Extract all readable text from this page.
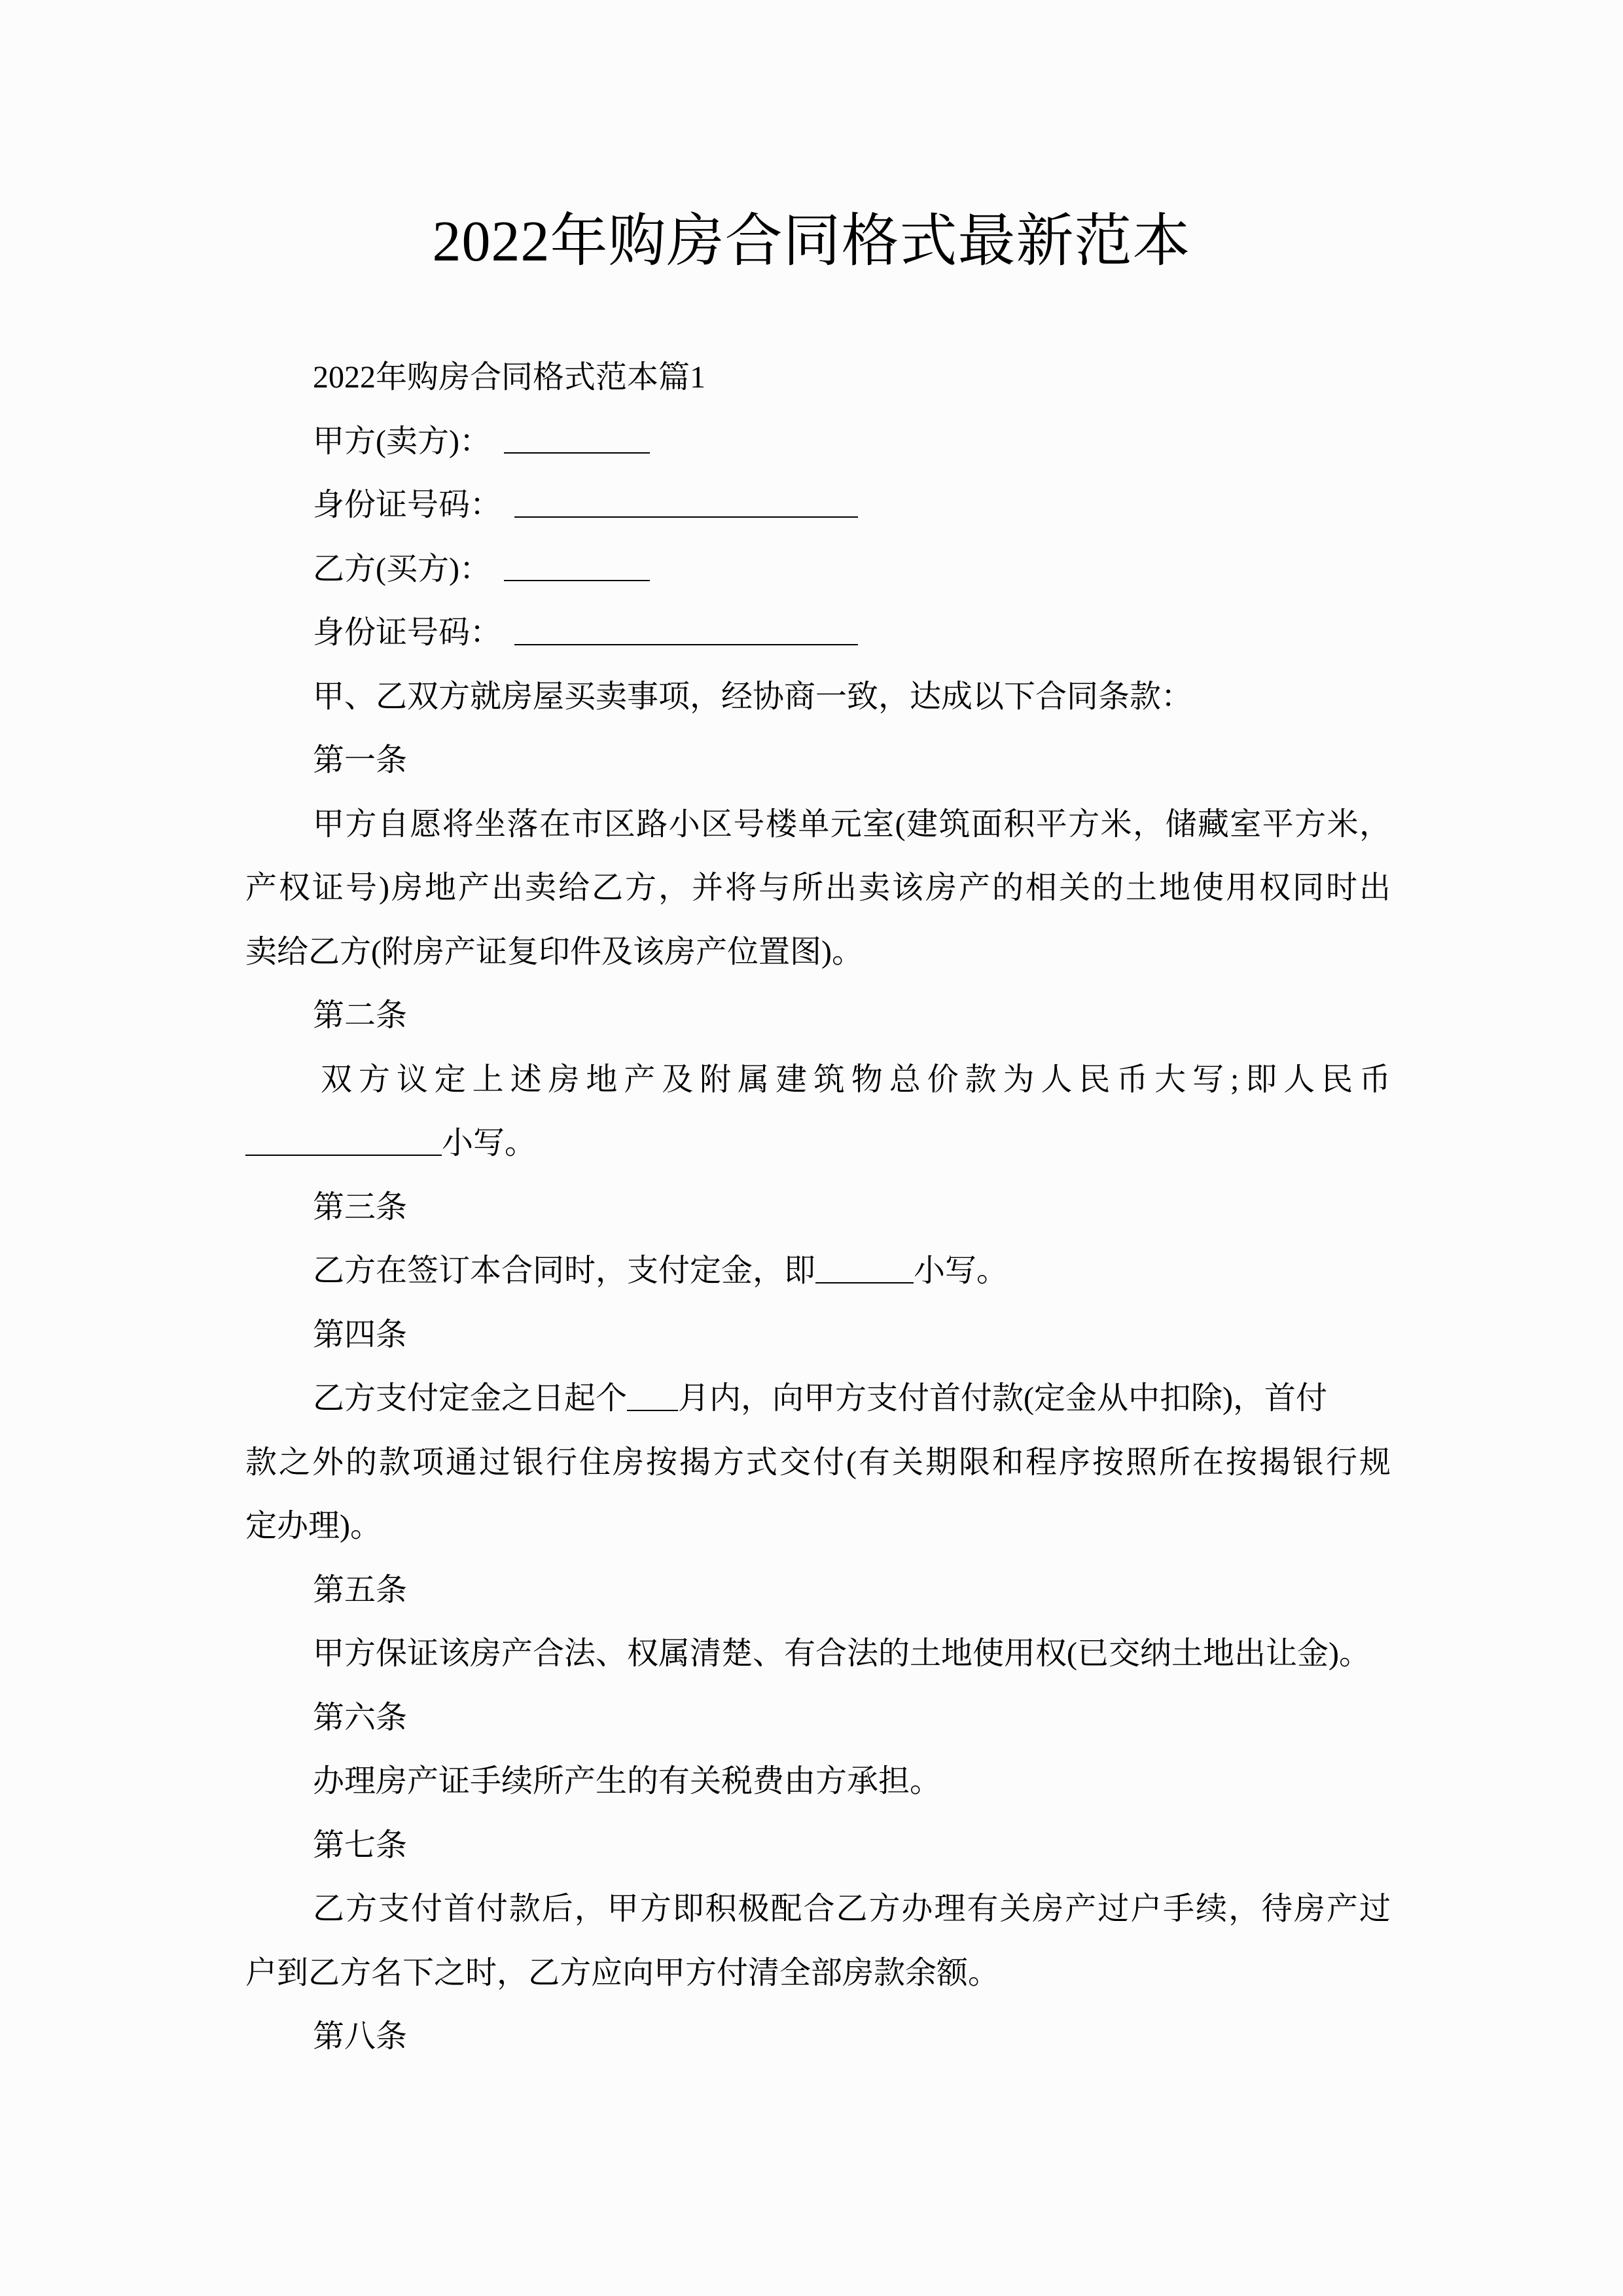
2022年购房合同格式最新范本
2022年购房合同格式范本篇1
甲方(卖方)：
身份证号码：
乙方(买方)：
身份证号码：
甲、乙双方就房屋买卖事项，经协商一致，达成以下合同条款：
第一条
甲方自愿将坐落在市区路小区号楼单元室(建筑面积平方米，储藏室平方米，
产权证号)房地产出卖给乙方，并将与所出卖该房产的相关的土地使用权同时出
卖给乙方(附房产证复印件及该房产位置图)。
第二条
双方议定上述房地产及附属建筑物总价款为人民币大写;即人民币
小写。
第三条
乙方在签订本合同时，支付定金，即	小写。
第四条
乙方支付定金之日起个 月内，向甲方支付首付款(定金从中扣除)，首付
款之外的款项通过银行住房按揭方式交付(有关期限和程序按照所在按揭银行规
定办理)。
第五条
甲方保证该房产合法、权属清楚、有合法的土地使用权(已交纳土地出让金)。
第六条
办理房产证手续所产生的有关税费由方承担。
第七条
乙方支付首付款后，甲方即积极配合乙方办理有关房产过户手续，待房产过
户到乙方名下之时，乙方应向甲方付清全部房款余额。
第八条
